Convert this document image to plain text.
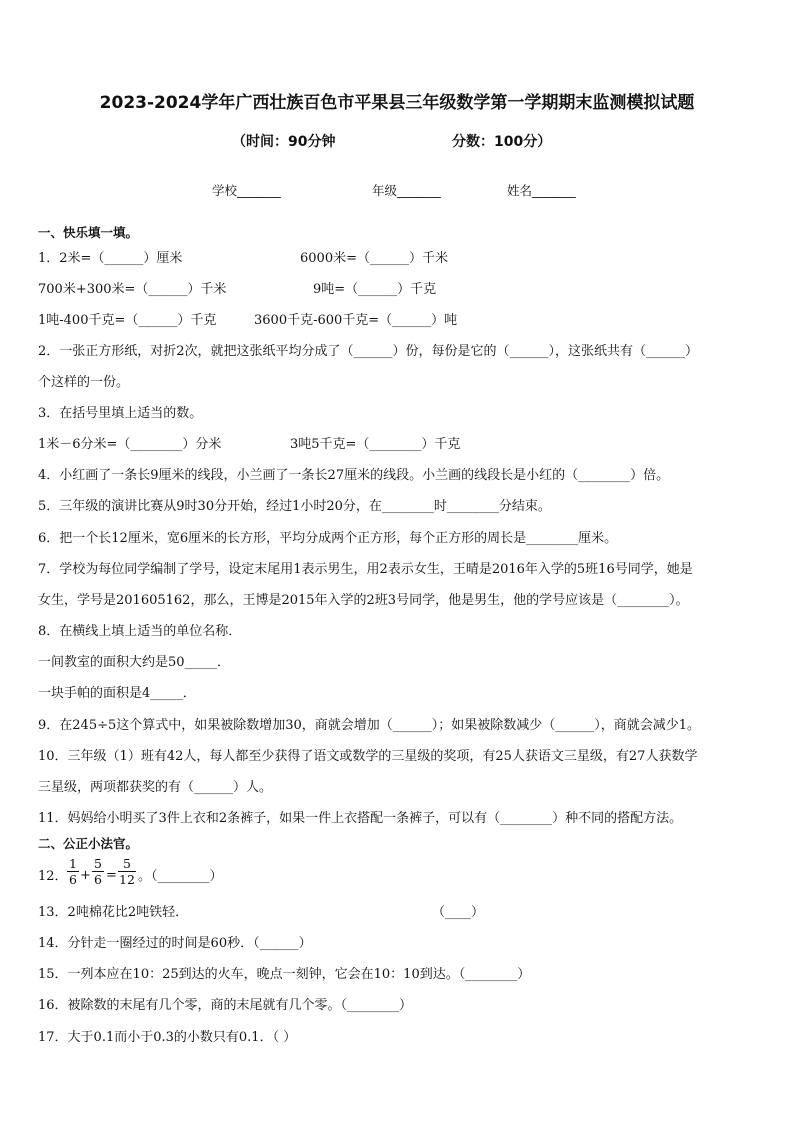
2023-2024学年广西壮族百色市平果县三年级数学第一学期期末监测模拟试题
（时间：90分钟	分数：100分）
学校_______	年级_______	姓名_______
一、快乐填一填。
1．2米=（______）厘米	6000米=（______）千米
700米+300米=（______）千米	9吨=（______）千克
1吨-400千克=（______）千克	3600千克-600千克=（______）吨
2．一张正方形纸，对折2次，就把这张纸平均分成了（______）份，每份是它的（______），这张纸共有（______）
个这样的一份。
3．在括号里填上适当的数。
1米－6分米=（________）分米	3吨5千克=（________）千克
4．小红画了一条长9厘米的线段，小兰画了一条长27厘米的线段。小兰画的线段长是小红的（________）倍。
5．三年级的演讲比赛从9时30分开始，经过1小时20分，在________时________分结束。
6．把一个长12厘米，宽6厘米的长方形，平均分成两个正方形，每个正方形的周长是________厘米。
7．学校为每位同学编制了学号，设定末尾用1表示男生，用2表示女生，王晴是2016年入学的5班16号同学，她是
女生，学号是201605162，那么，王博是2015年入学的2班3号同学，他是男生，他的学号应该是（________）。
8．在横线上填上适当的单位名称．
一间教室的面积大约是50_____．
一块手帕的面积是4_____．
9．在245÷5这个算式中，如果被除数增加30，商就会增加（______）；如果被除数减少（______），商就会减少1。
10．三年级（1）班有42人，每人都至少获得了语文或数学的三星级的奖项，有25人获语文三星级，有27人获数学
三星级，两项都获奖的有（______）人。
11．妈妈给小明买了3件上衣和2条裤子，如果一件上衣搭配一条裤子，可以有（________）种不同的搭配方法。
二、公正小法官。
12．
1
6 +
5
6 =
5
12 。（________）
13．2吨棉花比2吨铁轻．	（____）
14．分针走一圈经过的时间是60秒．（______）
15．一列本应在10：25到达的火车，晚点一刻钟，它会在10：10到达。（________）
16．被除数的末尾有几个零，商的末尾就有几个零。（________）
17．大于0.1而小于0.3的小数只有0.1．（ ）
